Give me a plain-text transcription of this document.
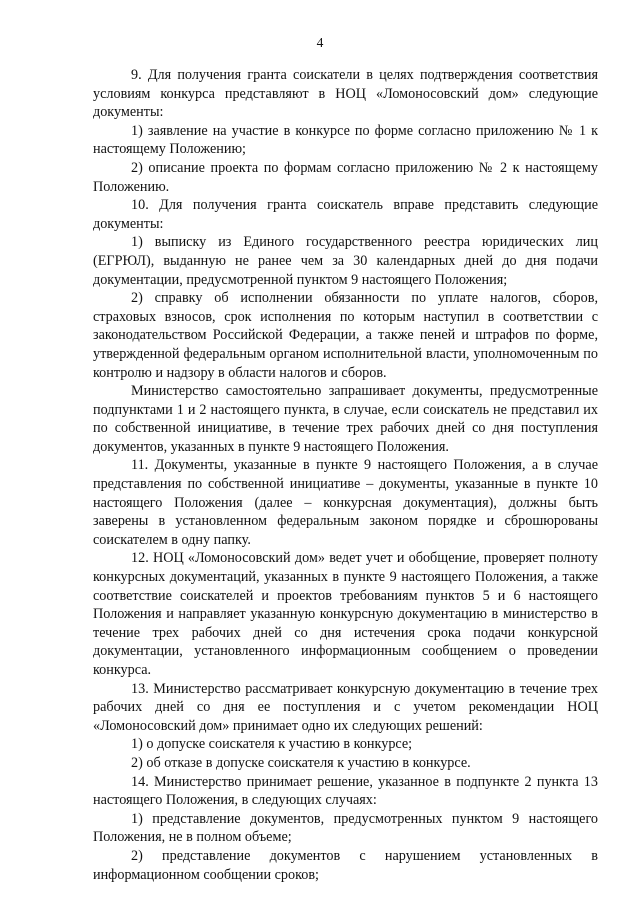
4

9. Для получения гранта соискатели в целях подтверждения соответствия условиям конкурса представляют в НОЦ «Ломоносовский дом» следующие документы:

1) заявление на участие в конкурсе по форме согласно приложению № 1 к настоящему Положению;

2) описание проекта по формам согласно приложению № 2 к настоящему Положению.

10. Для получения гранта соискатель вправе представить следующие документы:

1) выписку из Единого государственного реестра юридических лиц (ЕГРЮЛ), выданную не ранее чем за 30 календарных дней до дня подачи документации, предусмотренной пунктом 9 настоящего Положения;

2) справку об исполнении обязанности по уплате налогов, сборов, страховых взносов, срок исполнения по которым наступил в соответствии с законодательством Российской Федерации, а также пеней и штрафов по форме, утвержденной федеральным органом исполнительной власти, уполномоченным по контролю и надзору в области налогов и сборов.

Министерство самостоятельно запрашивает документы, предусмотренные подпунктами 1 и 2 настоящего пункта, в случае, если соискатель не представил их по собственной инициативе, в течение трех рабочих дней со дня поступления документов, указанных в пункте 9 настоящего Положения.

11. Документы, указанные в пункте 9 настоящего Положения, а в случае представления по собственной инициативе – документы, указанные в пункте 10 настоящего Положения (далее – конкурсная документация), должны быть заверены в установленном федеральным законом порядке и сброшюрованы соискателем в одну папку.

12. НОЦ «Ломоносовский дом» ведет учет и обобщение, проверяет полноту конкурсных документаций, указанных в пункте 9 настоящего Положения, а также соответствие соискателей и проектов требованиям пунктов 5 и 6 настоящего Положения и направляет указанную конкурсную документацию в министерство в течение трех рабочих дней со дня истечения срока подачи конкурсной документации, установленного информационным сообщением о проведении конкурса.

13. Министерство рассматривает конкурсную документацию в течение трех рабочих дней со дня ее поступления и с учетом рекомендации НОЦ «Ломоносовский дом» принимает одно их следующих решений:

1) о допуске соискателя к участию в конкурсе;

2) об отказе в допуске соискателя к участию в конкурсе.

14. Министерство принимает решение, указанное в подпункте 2 пункта 13 настоящего Положения, в следующих случаях:

1) представление документов, предусмотренных пунктом 9 настоящего Положения, не в полном объеме;

2) представление документов с нарушением установленных в информационном сообщении сроков;
